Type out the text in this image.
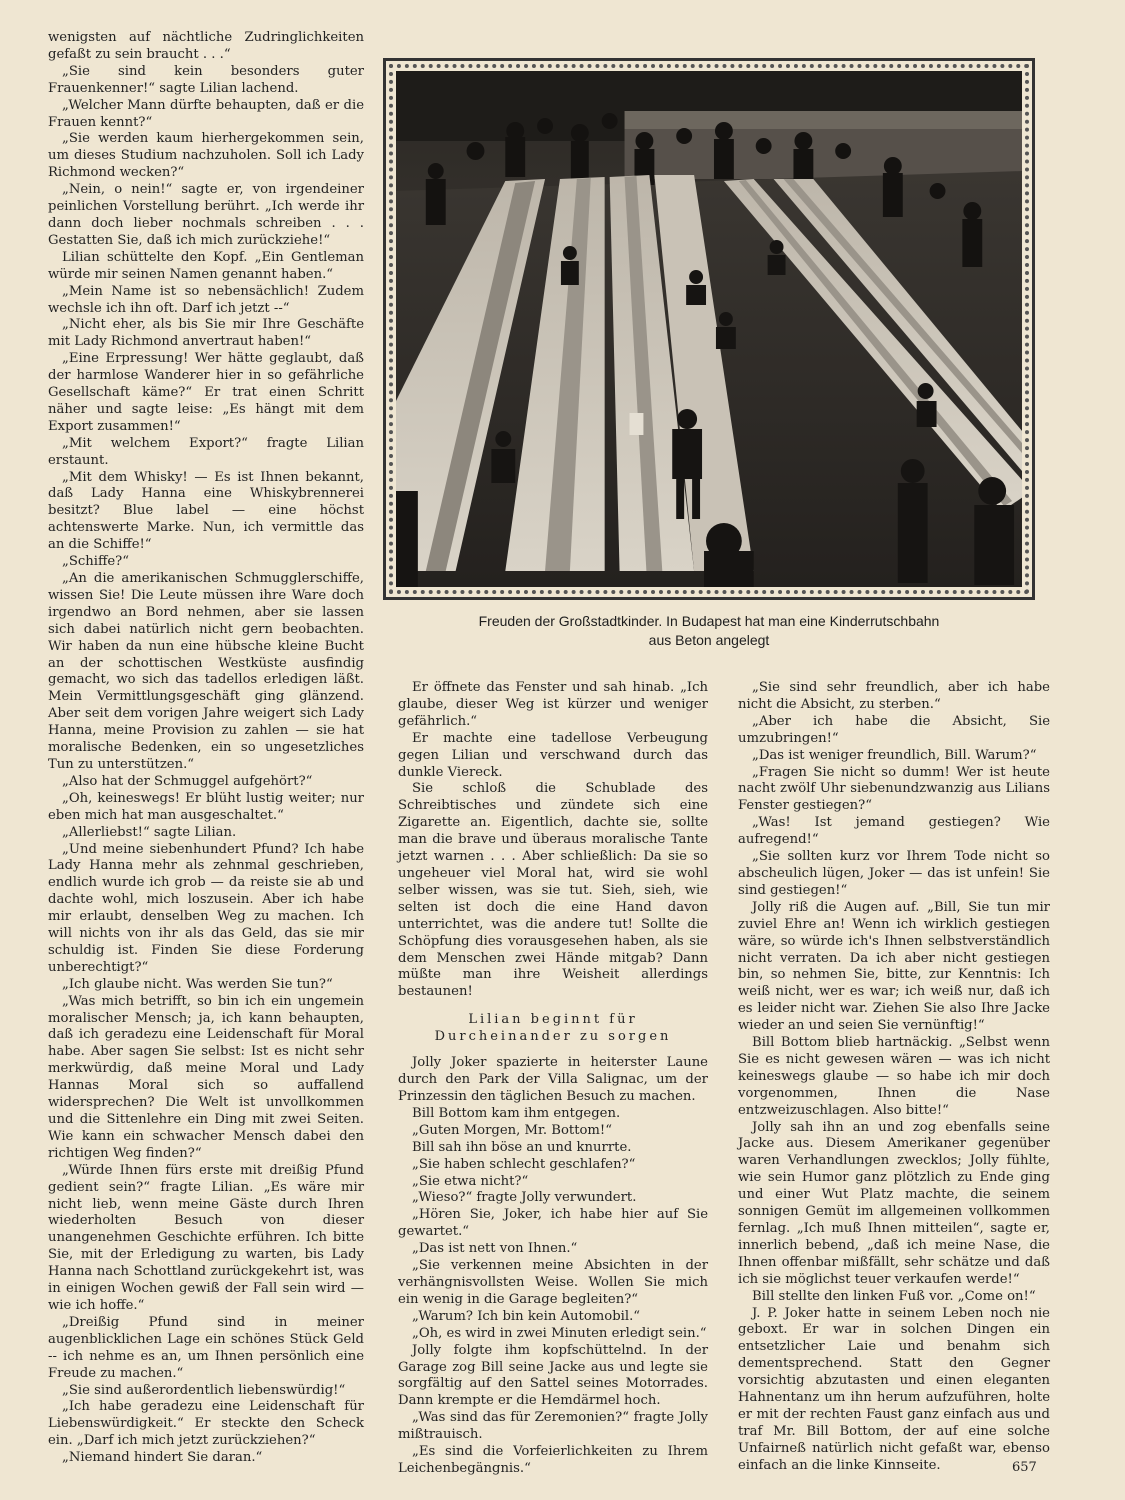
wenigsten auf nächtliche Zudringlichkeiten gefaßt zu sein braucht . . .“

„Sie sind kein besonders guter Frauenkenner!“ sagte Lilian lachend.

„Welcher Mann dürfte behaupten, daß er die Frauen kennt?“

„Sie werden kaum hierhergekommen sein, um dieses Studium nachzuholen. Soll ich Lady Richmond wecken?“

„Nein, o nein!“ sagte er, von irgendeiner peinlichen Vorstellung berührt. „Ich werde ihr dann doch lieber nochmals schreiben . . . Gestatten Sie, daß ich mich zurückziehe!“

Lilian schüttelte den Kopf. „Ein Gentleman würde mir seinen Namen genannt haben.“

„Mein Name ist so nebensächlich! Zudem wechsle ich ihn oft. Darf ich jetzt --“

„Nicht eher, als bis Sie mir Ihre Geschäfte mit Lady Richmond anvertraut haben!“

„Eine Erpressung! Wer hätte geglaubt, daß der harmlose Wanderer hier in so gefährliche Gesellschaft käme?“ Er trat einen Schritt näher und sagte leise: „Es hängt mit dem Export zusammen!“

„Mit welchem Export?“ fragte Lilian erstaunt.

„Mit dem Whisky! — Es ist Ihnen bekannt, daß Lady Hanna eine Whiskybrennerei besitzt? Blue label — eine höchst achtenswerte Marke. Nun, ich vermittle das an die Schiffe!“

„Schiffe?“

„An die amerikanischen Schmugglerschiffe, wissen Sie! Die Leute müssen ihre Ware doch irgendwo an Bord nehmen, aber sie lassen sich dabei natürlich nicht gern beobachten. Wir haben da nun eine hübsche kleine Bucht an der schottischen Westküste ausfindig gemacht, wo sich das tadellos erledigen läßt. Mein Vermittlungsgeschäft ging glänzend. Aber seit dem vorigen Jahre weigert sich Lady Hanna, meine Provision zu zahlen — sie hat moralische Bedenken, ein so ungesetzliches Tun zu unterstützen.“

„Also hat der Schmuggel aufgehört?“

„Oh, keineswegs! Er blüht lustig weiter; nur eben mich hat man ausgeschaltet.“

„Allerliebst!“ sagte Lilian.

„Und meine siebenhundert Pfund? Ich habe Lady Hanna mehr als zehnmal geschrieben, endlich wurde ich grob — da reiste sie ab und dachte wohl, mich loszusein. Aber ich habe mir erlaubt, denselben Weg zu machen. Ich will nichts von ihr als das Geld, das sie mir schuldig ist. Finden Sie diese Forderung unberechtigt?“

„Ich glaube nicht. Was werden Sie tun?“

„Was mich betrifft, so bin ich ein ungemein moralischer Mensch; ja, ich kann behaupten, daß ich geradezu eine Leidenschaft für Moral habe. Aber sagen Sie selbst: Ist es nicht sehr merkwürdig, daß meine Moral und Lady Hannas Moral sich so auffallend widersprechen? Die Welt ist unvollkommen und die Sittenlehre ein Ding mit zwei Seiten. Wie kann ein schwacher Mensch dabei den richtigen Weg finden?“

„Würde Ihnen fürs erste mit dreißig Pfund gedient sein?“ fragte Lilian. „Es wäre mir nicht lieb, wenn meine Gäste durch Ihren wiederholten Besuch von dieser unangenehmen Geschichte erführen. Ich bitte Sie, mit der Erledigung zu warten, bis Lady Hanna nach Schottland zurückgekehrt ist, was in einigen Wochen gewiß der Fall sein wird — wie ich hoffe.“

„Dreißig Pfund sind in meiner augenblicklichen Lage ein schönes Stück Geld -- ich nehme es an, um Ihnen persönlich eine Freude zu machen.“

„Sie sind außerordentlich liebenswürdig!“

„Ich habe geradezu eine Leidenschaft für Liebenswürdigkeit.“ Er steckte den Scheck ein. „Darf ich mich jetzt zurückziehen?“

„Niemand hindert Sie daran.“

Freuden der Großstadtkinder. In Budapest hat man eine Kinderrutschbahn
aus Beton angelegt

Er öffnete das Fenster und sah hinab. „Ich glaube, dieser Weg ist kürzer und weniger gefährlich.“

Er machte eine tadellose Verbeugung gegen Lilian und verschwand durch das dunkle Viereck.

Sie schloß die Schublade des Schreibtisches und zündete sich eine Zigarette an. Eigentlich, dachte sie, sollte man die brave und überaus moralische Tante jetzt warnen . . . Aber schließlich: Da sie so ungeheuer viel Moral hat, wird sie wohl selber wissen, was sie tut. Sieh, sieh, wie selten ist doch die eine Hand davon unterrichtet, was die andere tut! Sollte die Schöpfung dies vorausgesehen haben, als sie dem Menschen zwei Hände mitgab? Dann müßte man ihre Weisheit allerdings bestaunen!

Lilian beginnt für Durcheinander zu sorgen

Jolly Joker spazierte in heiterster Laune durch den Park der Villa Salignac, um der Prinzessin den täglichen Besuch zu machen.

Bill Bottom kam ihm entgegen.

„Guten Morgen, Mr. Bottom!“

Bill sah ihn böse an und knurrte.

„Sie haben schlecht geschlafen?“

„Sie etwa nicht?“

„Wieso?“ fragte Jolly verwundert.

„Hören Sie, Joker, ich habe hier auf Sie gewartet.“

„Das ist nett von Ihnen.“

„Sie verkennen meine Absichten in der verhängnisvollsten Weise. Wollen Sie mich ein wenig in die Garage begleiten?“

„Warum? Ich bin kein Automobil.“

„Oh, es wird in zwei Minuten erledigt sein.“

Jolly folgte ihm kopfschüttelnd. In der Garage zog Bill seine Jacke aus und legte sie sorgfältig auf den Sattel seines Motorrades. Dann krempte er die Hemdärmel hoch.

„Was sind das für Zeremonien?“ fragte Jolly mißtrauisch.

„Es sind die Vorfeierlichkeiten zu Ihrem Leichenbegängnis.“

„Sie sind sehr freundlich, aber ich habe nicht die Absicht, zu sterben.“

„Aber ich habe die Absicht, Sie umzubringen!“

„Das ist weniger freundlich, Bill. Warum?“

„Fragen Sie nicht so dumm! Wer ist heute nacht zwölf Uhr siebenundzwanzig aus Lilians Fenster gestiegen?“

„Was! Ist jemand gestiegen? Wie aufregend!“

„Sie sollten kurz vor Ihrem Tode nicht so abscheulich lügen, Joker — das ist unfein! Sie sind gestiegen!“

Jolly riß die Augen auf. „Bill, Sie tun mir zuviel Ehre an! Wenn ich wirklich gestiegen wäre, so würde ich's Ihnen selbstverständlich nicht verraten. Da ich aber nicht gestiegen bin, so nehmen Sie, bitte, zur Kenntnis: Ich weiß nicht, wer es war; ich weiß nur, daß ich es leider nicht war. Ziehen Sie also Ihre Jacke wieder an und seien Sie vernünftig!“

Bill Bottom blieb hartnäckig. „Selbst wenn Sie es nicht gewesen wären — was ich nicht keineswegs glaube — so habe ich mir doch vorgenommen, Ihnen die Nase entzweizuschlagen. Also bitte!“

Jolly sah ihn an und zog ebenfalls seine Jacke aus. Diesem Amerikaner gegenüber waren Verhandlungen zwecklos; Jolly fühlte, wie sein Humor ganz plötzlich zu Ende ging und einer Wut Platz machte, die seinem sonnigen Gemüt im allgemeinen vollkommen fernlag. „Ich muß Ihnen mitteilen“, sagte er, innerlich bebend, „daß ich meine Nase, die Ihnen offenbar mißfällt, sehr schätze und daß ich sie möglichst teuer verkaufen werde!“

Bill stellte den linken Fuß vor. „Come on!“

J. P. Joker hatte in seinem Leben noch nie geboxt. Er war in solchen Dingen ein entsetzlicher Laie und benahm sich dementsprechend. Statt den Gegner vorsichtig abzutasten und einen eleganten Hahnentanz um ihn herum aufzuführen, holte er mit der rechten Faust ganz einfach aus und traf Mr. Bill Bottom, der auf eine solche Unfairneß natürlich nicht gefaßt war, ebenso einfach an die linke Kinnseite.	657
